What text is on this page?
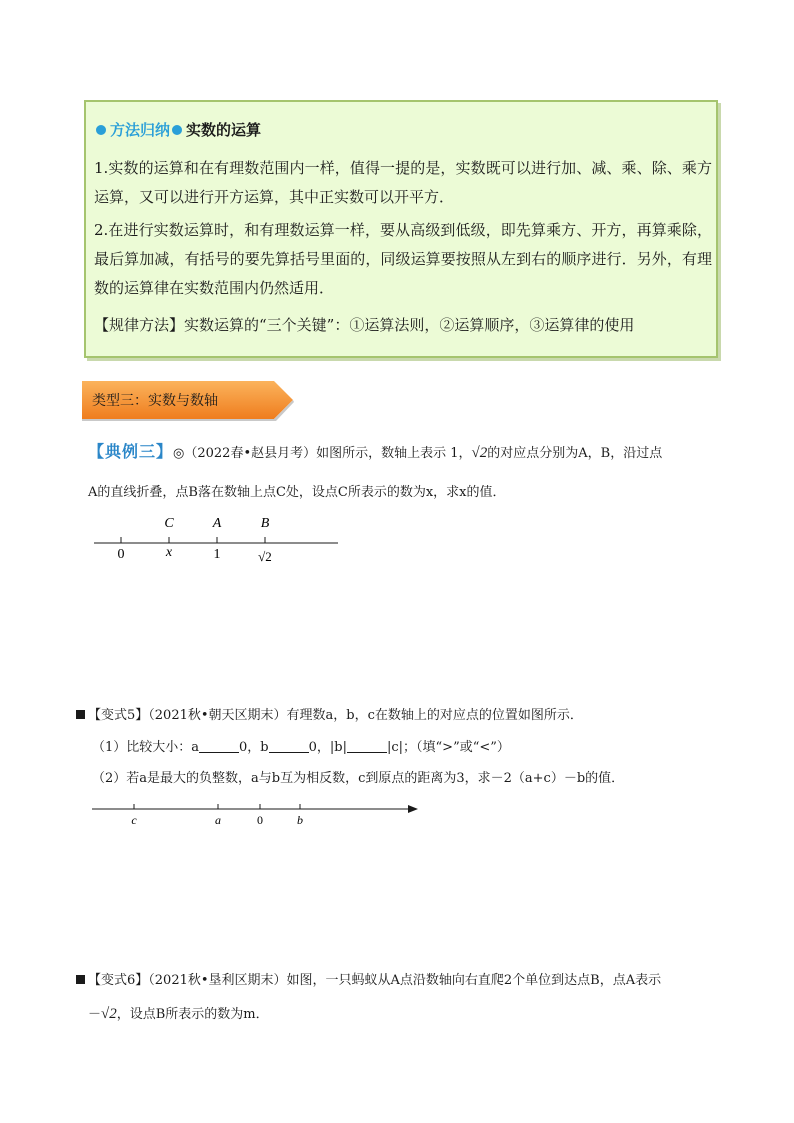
方法归纳 实数的运算
1.实数的运算和在有理数范围内一样，值得一提的是，实数既可以进行加、减、乘、除、乘方运算，又可以进行开方运算，其中正实数可以开平方．
2.在进行实数运算时，和有理数运算一样，要从高级到低级，即先算乘方、开方，再算乘除，最后算加减，有括号的要先算括号里面的，同级运算要按照从左到右的顺序进行．另外，有理数的运算律在实数范围内仍然适用．
【规律方法】实数运算的“三个关键”：①运算法则，②运算顺序，③运算律的使用
类型三：实数与数轴
【典例三】◎（2022春•赵县月考）如图所示，数轴上表示 1，√2的对应点分别为A，B，沿过点
A的直线折叠，点B落在数轴上点C处，设点C所表示的数为x，求x的值．
C	A	B
0	x	1	√2
【变式5】（2021秋•朝天区期末）有理数a，b，c在数轴上的对应点的位置如图所示．
（1）比较大小：a	0，b	0，|b|	|c|；（填“>”或“<”）
（2）若a是最大的负整数，a与b互为相反数，c到原点的距离为3，求－2（a+c）－b的值．
c	a	0	b
【变式6】（2021秋•垦利区期末）如图，一只蚂蚁从A点沿数轴向右直爬2个单位到达点B，点A表示
－√2，设点B所表示的数为m．
